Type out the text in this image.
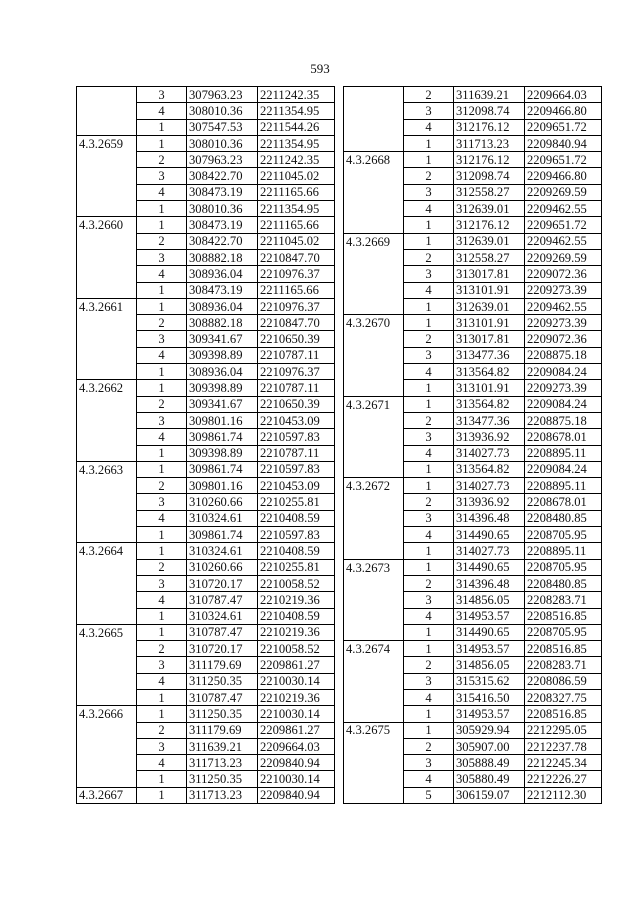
593
	3	307963.23	2211242.35
	4	308010.36	2211354.95
	1	307547.53	2211544.26
4.3.2659	1	308010.36	2211354.95
	2	307963.23	2211242.35
	3	308422.70	2211045.02
	4	308473.19	2211165.66
	1	308010.36	2211354.95
4.3.2660	1	308473.19	2211165.66
	2	308422.70	2211045.02
	3	308882.18	2210847.70
	4	308936.04	2210976.37
	1	308473.19	2211165.66
4.3.2661	1	308936.04	2210976.37
	2	308882.18	2210847.70
	3	309341.67	2210650.39
	4	309398.89	2210787.11
	1	308936.04	2210976.37
4.3.2662	1	309398.89	2210787.11
	2	309341.67	2210650.39
	3	309801.16	2210453.09
	4	309861.74	2210597.83
	1	309398.89	2210787.11
4.3.2663	1	309861.74	2210597.83
	2	309801.16	2210453.09
	3	310260.66	2210255.81
	4	310324.61	2210408.59
	1	309861.74	2210597.83
4.3.2664	1	310324.61	2210408.59
	2	310260.66	2210255.81
	3	310720.17	2210058.52
	4	310787.47	2210219.36
	1	310324.61	2210408.59
4.3.2665	1	310787.47	2210219.36
	2	310720.17	2210058.52
	3	311179.69	2209861.27
	4	311250.35	2210030.14
	1	310787.47	2210219.36
4.3.2666	1	311250.35	2210030.14
	2	311179.69	2209861.27
	3	311639.21	2209664.03
	4	311713.23	2209840.94
	1	311250.35	2210030.14
4.3.2667	1	311713.23	2209840.94
	2	311639.21	2209664.03
	3	312098.74	2209466.80
	4	312176.12	2209651.72
	1	311713.23	2209840.94
4.3.2668	1	312176.12	2209651.72
	2	312098.74	2209466.80
	3	312558.27	2209269.59
	4	312639.01	2209462.55
	1	312176.12	2209651.72
4.3.2669	1	312639.01	2209462.55
	2	312558.27	2209269.59
	3	313017.81	2209072.36
	4	313101.91	2209273.39
	1	312639.01	2209462.55
4.3.2670	1	313101.91	2209273.39
	2	313017.81	2209072.36
	3	313477.36	2208875.18
	4	313564.82	2209084.24
	1	313101.91	2209273.39
4.3.2671	1	313564.82	2209084.24
	2	313477.36	2208875.18
	3	313936.92	2208678.01
	4	314027.73	2208895.11
	1	313564.82	2209084.24
4.3.2672	1	314027.73	2208895.11
	2	313936.92	2208678.01
	3	314396.48	2208480.85
	4	314490.65	2208705.95
	1	314027.73	2208895.11
4.3.2673	1	314490.65	2208705.95
	2	314396.48	2208480.85
	3	314856.05	2208283.71
	4	314953.57	2208516.85
	1	314490.65	2208705.95
4.3.2674	1	314953.57	2208516.85
	2	314856.05	2208283.71
	3	315315.62	2208086.59
	4	315416.50	2208327.75
	1	314953.57	2208516.85
4.3.2675	1	305929.94	2212295.05
	2	305907.00	2212237.78
	3	305888.49	2212245.34
	4	305880.49	2212226.27
	5	306159.07	2212112.30
